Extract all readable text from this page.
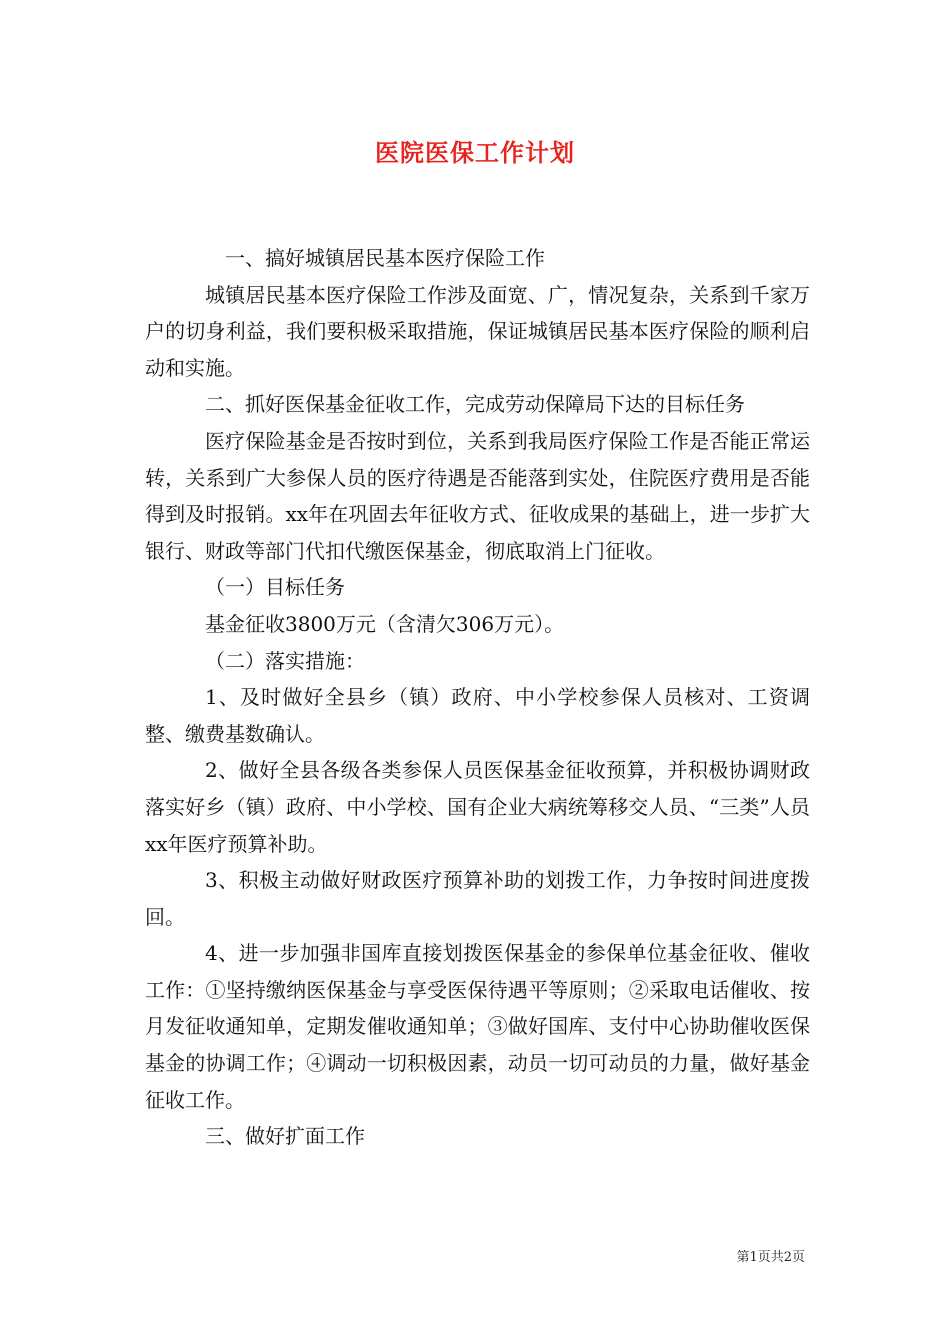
医院医保工作计划

一、搞好城镇居民基本医疗保险工作

城镇居民基本医疗保险工作涉及面宽、广，情况复杂，关系到千家万户的切身利益，我们要积极采取措施，保证城镇居民基本医疗保险的顺利启动和实施。

二、抓好医保基金征收工作，完成劳动保障局下达的目标任务

医疗保险基金是否按时到位，关系到我局医疗保险工作是否能正常运转，关系到广大参保人员的医疗待遇是否能落到实处，住院医疗费用是否能得到及时报销。xx年在巩固去年征收方式、征收成果的基础上，进一步扩大银行、财政等部门代扣代缴医保基金，彻底取消上门征收。

（一）目标任务

基金征收3800万元（含清欠306万元）。

（二）落实措施：

1、及时做好全县乡（镇）政府、中小学校参保人员核对、工资调整、缴费基数确认。

2、做好全县各级各类参保人员医保基金征收预算，并积极协调财政落实好乡（镇）政府、中小学校、国有企业大病统筹移交人员、“三类”人员xx年医疗预算补助。

3、积极主动做好财政医疗预算补助的划拨工作，力争按时间进度拨回。

4、进一步加强非国库直接划拨医保基金的参保单位基金征收、催收工作：①坚持缴纳医保基金与享受医保待遇平等原则；②采取电话催收、按月发征收通知单，定期发催收通知单；③做好国库、支付中心协助催收医保基金的协调工作；④调动一切积极因素，动员一切可动员的力量，做好基金征收工作。

三、做好扩面工作

第1页共2页
